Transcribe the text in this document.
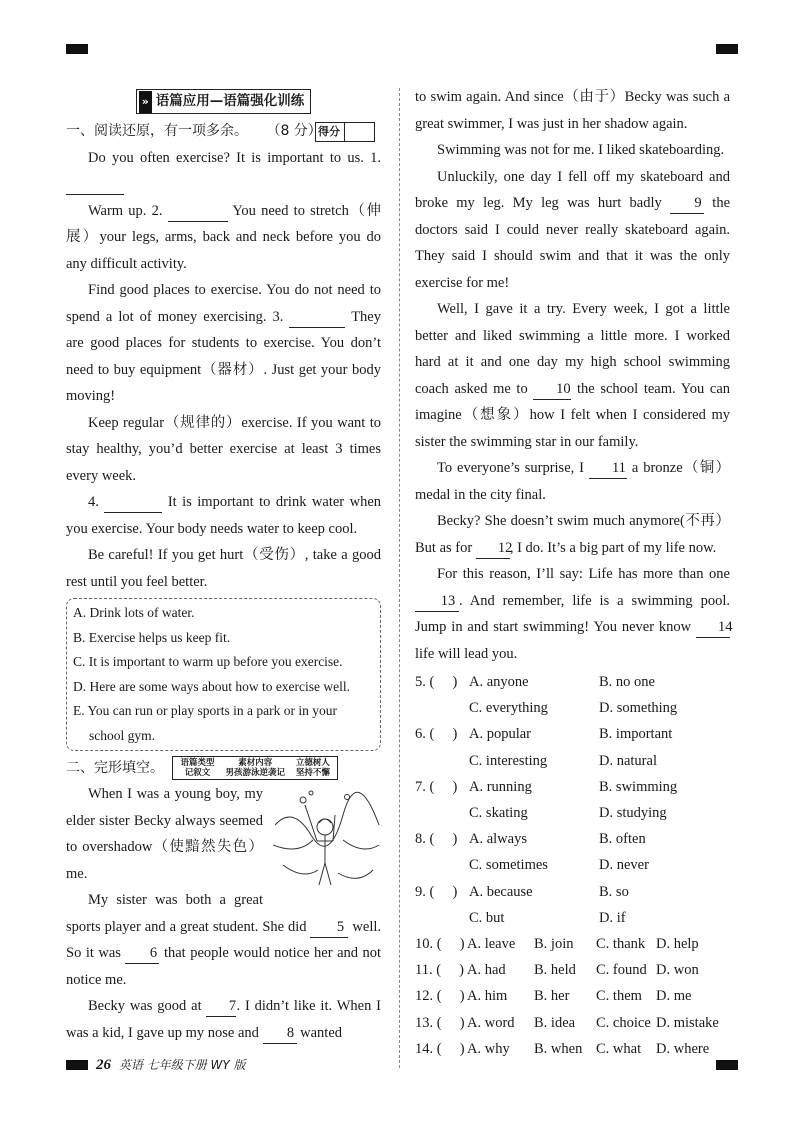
» 语篇应用—语篇强化训练
一、阅读还原，有一项多余。 （8 分）
得分

Do you often exercise? It is important to us. 1.

Warm up. 2.	You need to stretch（伸展）your legs, arms, back and neck before you do any difficult activity.

Find good places to exercise. You do not need to spend a lot of money exercising. 3.	They are good places for students to exercise. You don’t need to buy equipment（器材）. Just get your body moving!

Keep regular（规律的）exercise. If you want to stay healthy, you’d better exercise at least 3 times every week.

4.	It is important to drink water when you exercise. Your body needs water to keep cool.

Be careful! If you get hurt（受伤）, take a good rest until you feel better.

A. Drink lots of water.
B. Exercise helps us keep fit.
C. It is important to warm up before you exercise.
D. Here are some ways about how to exercise well.
E. You can run or play sports in a park or in your
school gym.
二、完形填空。 语篇类型
记叙文 素材内容
男孩游泳逆袭记 立德树人
坚持不懈

When I was a young boy, my elder sister Becky always seemed to overshadow（使黯然失色）me.

My sister was both a great sports player and a great student. She did 5 well. So it was 6 that people would notice her and not notice me.

Becky was good at 7. I didn’t like it. When I was a kid, I gave up my nose and 8 wanted

to swim again. And since（由于）Becky was such a great swimmer, I was just in her shadow again.

Swimming was not for me. I liked skateboarding.

Unluckily, one day I fell off my skateboard and broke my leg. My leg was hurt badly 9 the doctors said I could never really skateboard again. They said I should swim and that it was the only exercise for me!

Well, I gave it a try. Every week, I got a little better and liked swimming a little more. I worked hard at it and one day my high school swimming coach asked me to 10 the school team. You can imagine（想象）how I felt when I considered my sister the swimming star in our family.

To everyone’s surprise, I 11 a bronze（铜）medal in the city final.

Becky? She doesn’t swim much anymore(不再）But as for 12, I do. It’s a big part of my life now.

For this reason, I’ll say: Life has more than one 13 . And remember, life is a swimming pool. Jump in and start swimming! You never know 14 life will lead you.

5. (　 ) A. anyone	B. no one
C. everything	D. something
6. (　 ) A. popular	B. important
C. interesting	D. natural
7. (　 ) A. running	B. swimming
C. skating	D. studying
8. (　 ) A. always	B. often
C. sometimes	D. never
9. (　 ) A. because	B. so
C. but	D. if
10. (　 ) A. leave	B. join	C. thank D. help
11. (　 ) A. had	B. held	C. found D. won
12. (　 ) A. him	B. her	C. them D. me
13. (　 ) A. word	B. idea	C. choice D. mistake
14. (　 ) A. why	B. when C. what	D. where
26 英语 七年级下册 WY 版
